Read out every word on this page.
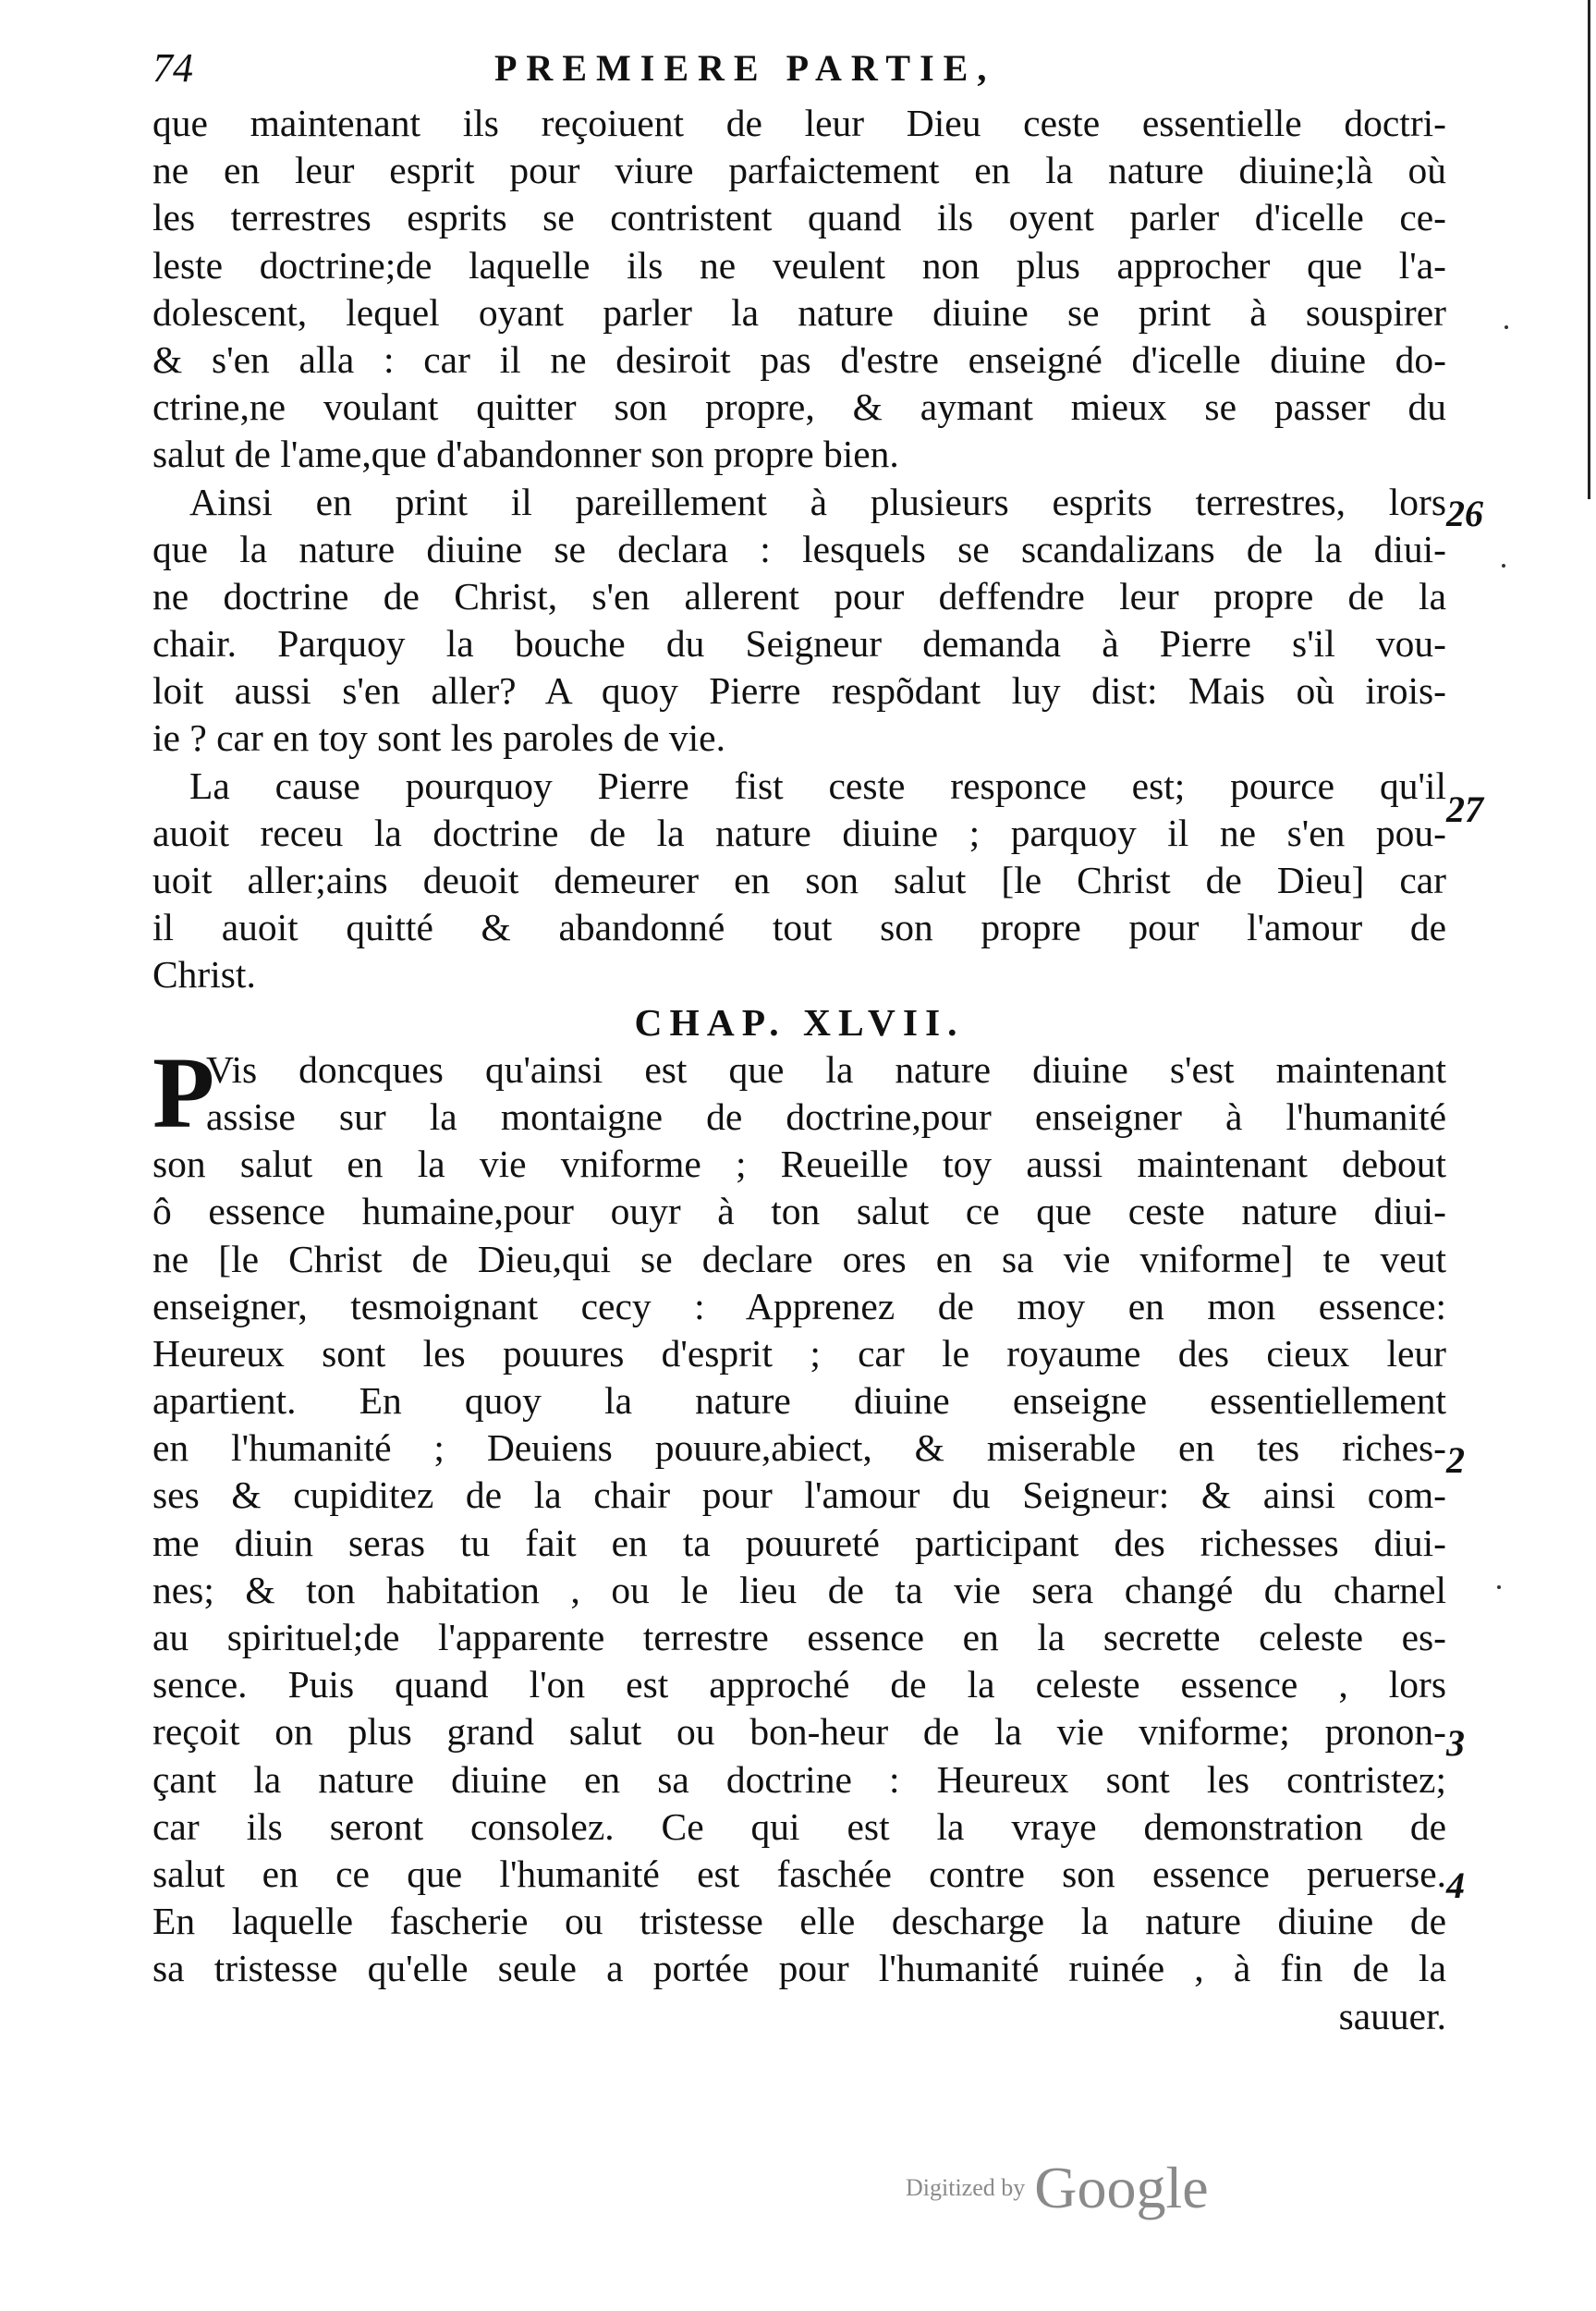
74	PREMIERE PARTIE,
que maintenant ils reçoiuent de leur Dieu ceste essentielle doctri-
ne en leur esprit pour viure parfaictement en la nature diuine;là où
les terrestres esprits se contristent quand ils oyent parler d'icelle ce-
leste doctrine;de laquelle ils ne veulent non plus approcher que l'a-
dolescent, lequel oyant parler la nature diuine se print à souspirer
& s'en alla : car il ne desiroit pas d'estre enseigné d'icelle diuine do-
ctrine,ne voulant quitter son propre, & aymant mieux se passer du
salut de l'ame,que d'abandonner son propre bien.
Ainsi en print il pareillement à plusieurs esprits terrestres, lors
que la nature diuine se declara : lesquels se scandalizans de la diui-
ne doctrine de Christ, s'en allerent pour deffendre leur propre de la
chair. Parquoy la bouche du Seigneur demanda à Pierre s'il vou-
loit aussi s'en aller? A quoy Pierre respõdant luy dist: Mais où irois-
ie ? car en toy sont les paroles de vie.
La cause pourquoy Pierre fist ceste responce est; pource qu'il
auoit receu la doctrine de la nature diuine ; parquoy il ne s'en pou-
uoit aller;ains deuoit demeurer en son salut [le Christ de Dieu] car
il auoit quitté & abandonné tout son propre pour l'amour de
Christ.
CHAP. XLVII.
P
Vis doncques qu'ainsi est que la nature diuine s'est maintenant
assise sur la montaigne de doctrine,pour enseigner à l'humanité
son salut en la vie vniforme ; Reueille toy aussi maintenant debout
ô essence humaine,pour ouyr à ton salut ce que ceste nature diui-
ne [le Christ de Dieu,qui se declare ores en sa vie vniforme] te veut
enseigner, tesmoignant cecy : Apprenez de moy en mon essence:
Heureux sont les pouures d'esprit ; car le royaume des cieux leur
apartient. En quoy la nature diuine enseigne essentiellement
en l'humanité ; Deuiens pouure,abiect, & miserable en tes riches-
ses & cupiditez de la chair pour l'amour du Seigneur: & ainsi com-
me diuin seras tu fait en ta pouureté participant des richesses diui-
nes; & ton habitation , ou le lieu de ta vie sera changé du charnel
au spirituel;de l'apparente terrestre essence en la secrette celeste es-
sence. Puis quand l'on est approché de la celeste essence , lors
reçoit on plus grand salut ou bon-heur de la vie vniforme; pronon-
çant la nature diuine en sa doctrine : Heureux sont les contristez;
car ils seront consolez. Ce qui est la vraye demonstration de
salut en ce que l'humanité est faschée contre son essence peruerse.
En laquelle fascherie ou tristesse elle descharge la nature diuine de
sa tristesse qu'elle seule a portée pour l'humanité ruinée , à fin de la
sauuer.
26
27
2
3
4
Digitized by Google
